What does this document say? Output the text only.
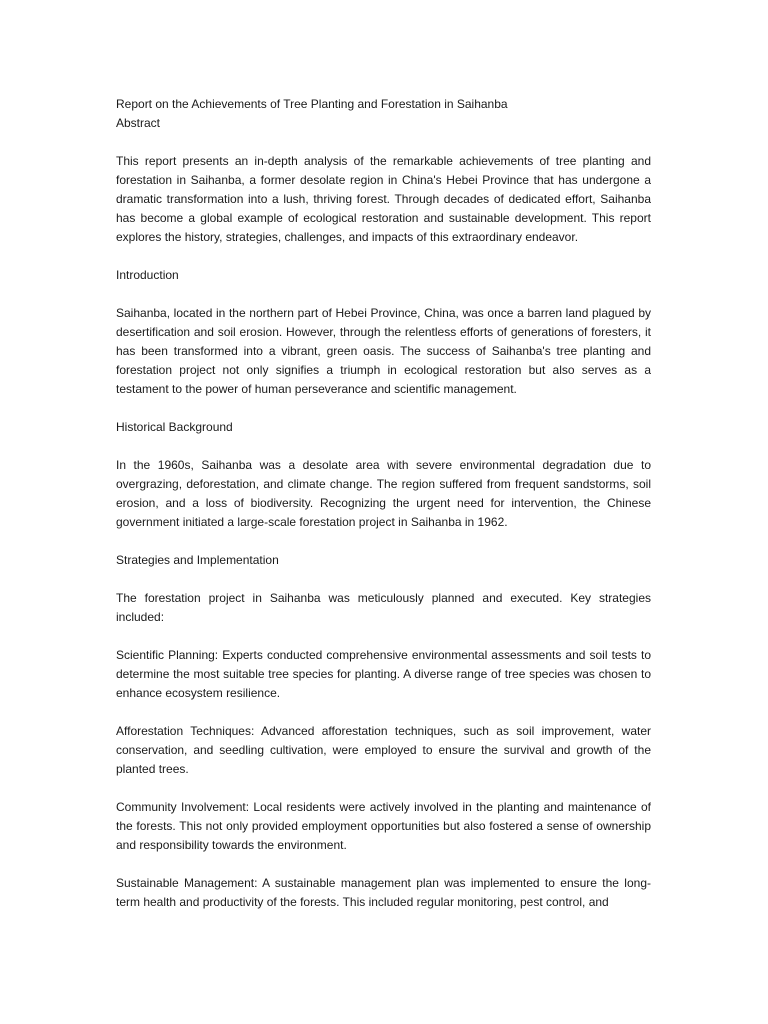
Report on the Achievements of Tree Planting and Forestation in Saihanba

Abstract

This report presents an in-depth analysis of the remarkable achievements of tree planting and forestation in Saihanba, a former desolate region in China's Hebei Province that has undergone a dramatic transformation into a lush, thriving forest. Through decades of dedicated effort, Saihanba has become a global example of ecological restoration and sustainable development. This report explores the history, strategies, challenges, and impacts of this extraordinary endeavor.

Introduction

Saihanba, located in the northern part of Hebei Province, China, was once a barren land plagued by desertification and soil erosion. However, through the relentless efforts of generations of foresters, it has been transformed into a vibrant, green oasis. The success of Saihanba's tree planting and forestation project not only signifies a triumph in ecological restoration but also serves as a testament to the power of human perseverance and scientific management.

Historical Background

In the 1960s, Saihanba was a desolate area with severe environmental degradation due to overgrazing, deforestation, and climate change. The region suffered from frequent sandstorms, soil erosion, and a loss of biodiversity. Recognizing the urgent need for intervention, the Chinese government initiated a large-scale forestation project in Saihanba in 1962.

Strategies and Implementation

The forestation project in Saihanba was meticulously planned and executed. Key strategies included:

Scientific Planning: Experts conducted comprehensive environmental assessments and soil tests to determine the most suitable tree species for planting. A diverse range of tree species was chosen to enhance ecosystem resilience.

Afforestation Techniques: Advanced afforestation techniques, such as soil improvement, water conservation, and seedling cultivation, were employed to ensure the survival and growth of the planted trees.

Community Involvement: Local residents were actively involved in the planting and maintenance of the forests. This not only provided employment opportunities but also fostered a sense of ownership and responsibility towards the environment.

Sustainable Management: A sustainable management plan was implemented to ensure the long-term health and productivity of the forests. This included regular monitoring, pest control, and
